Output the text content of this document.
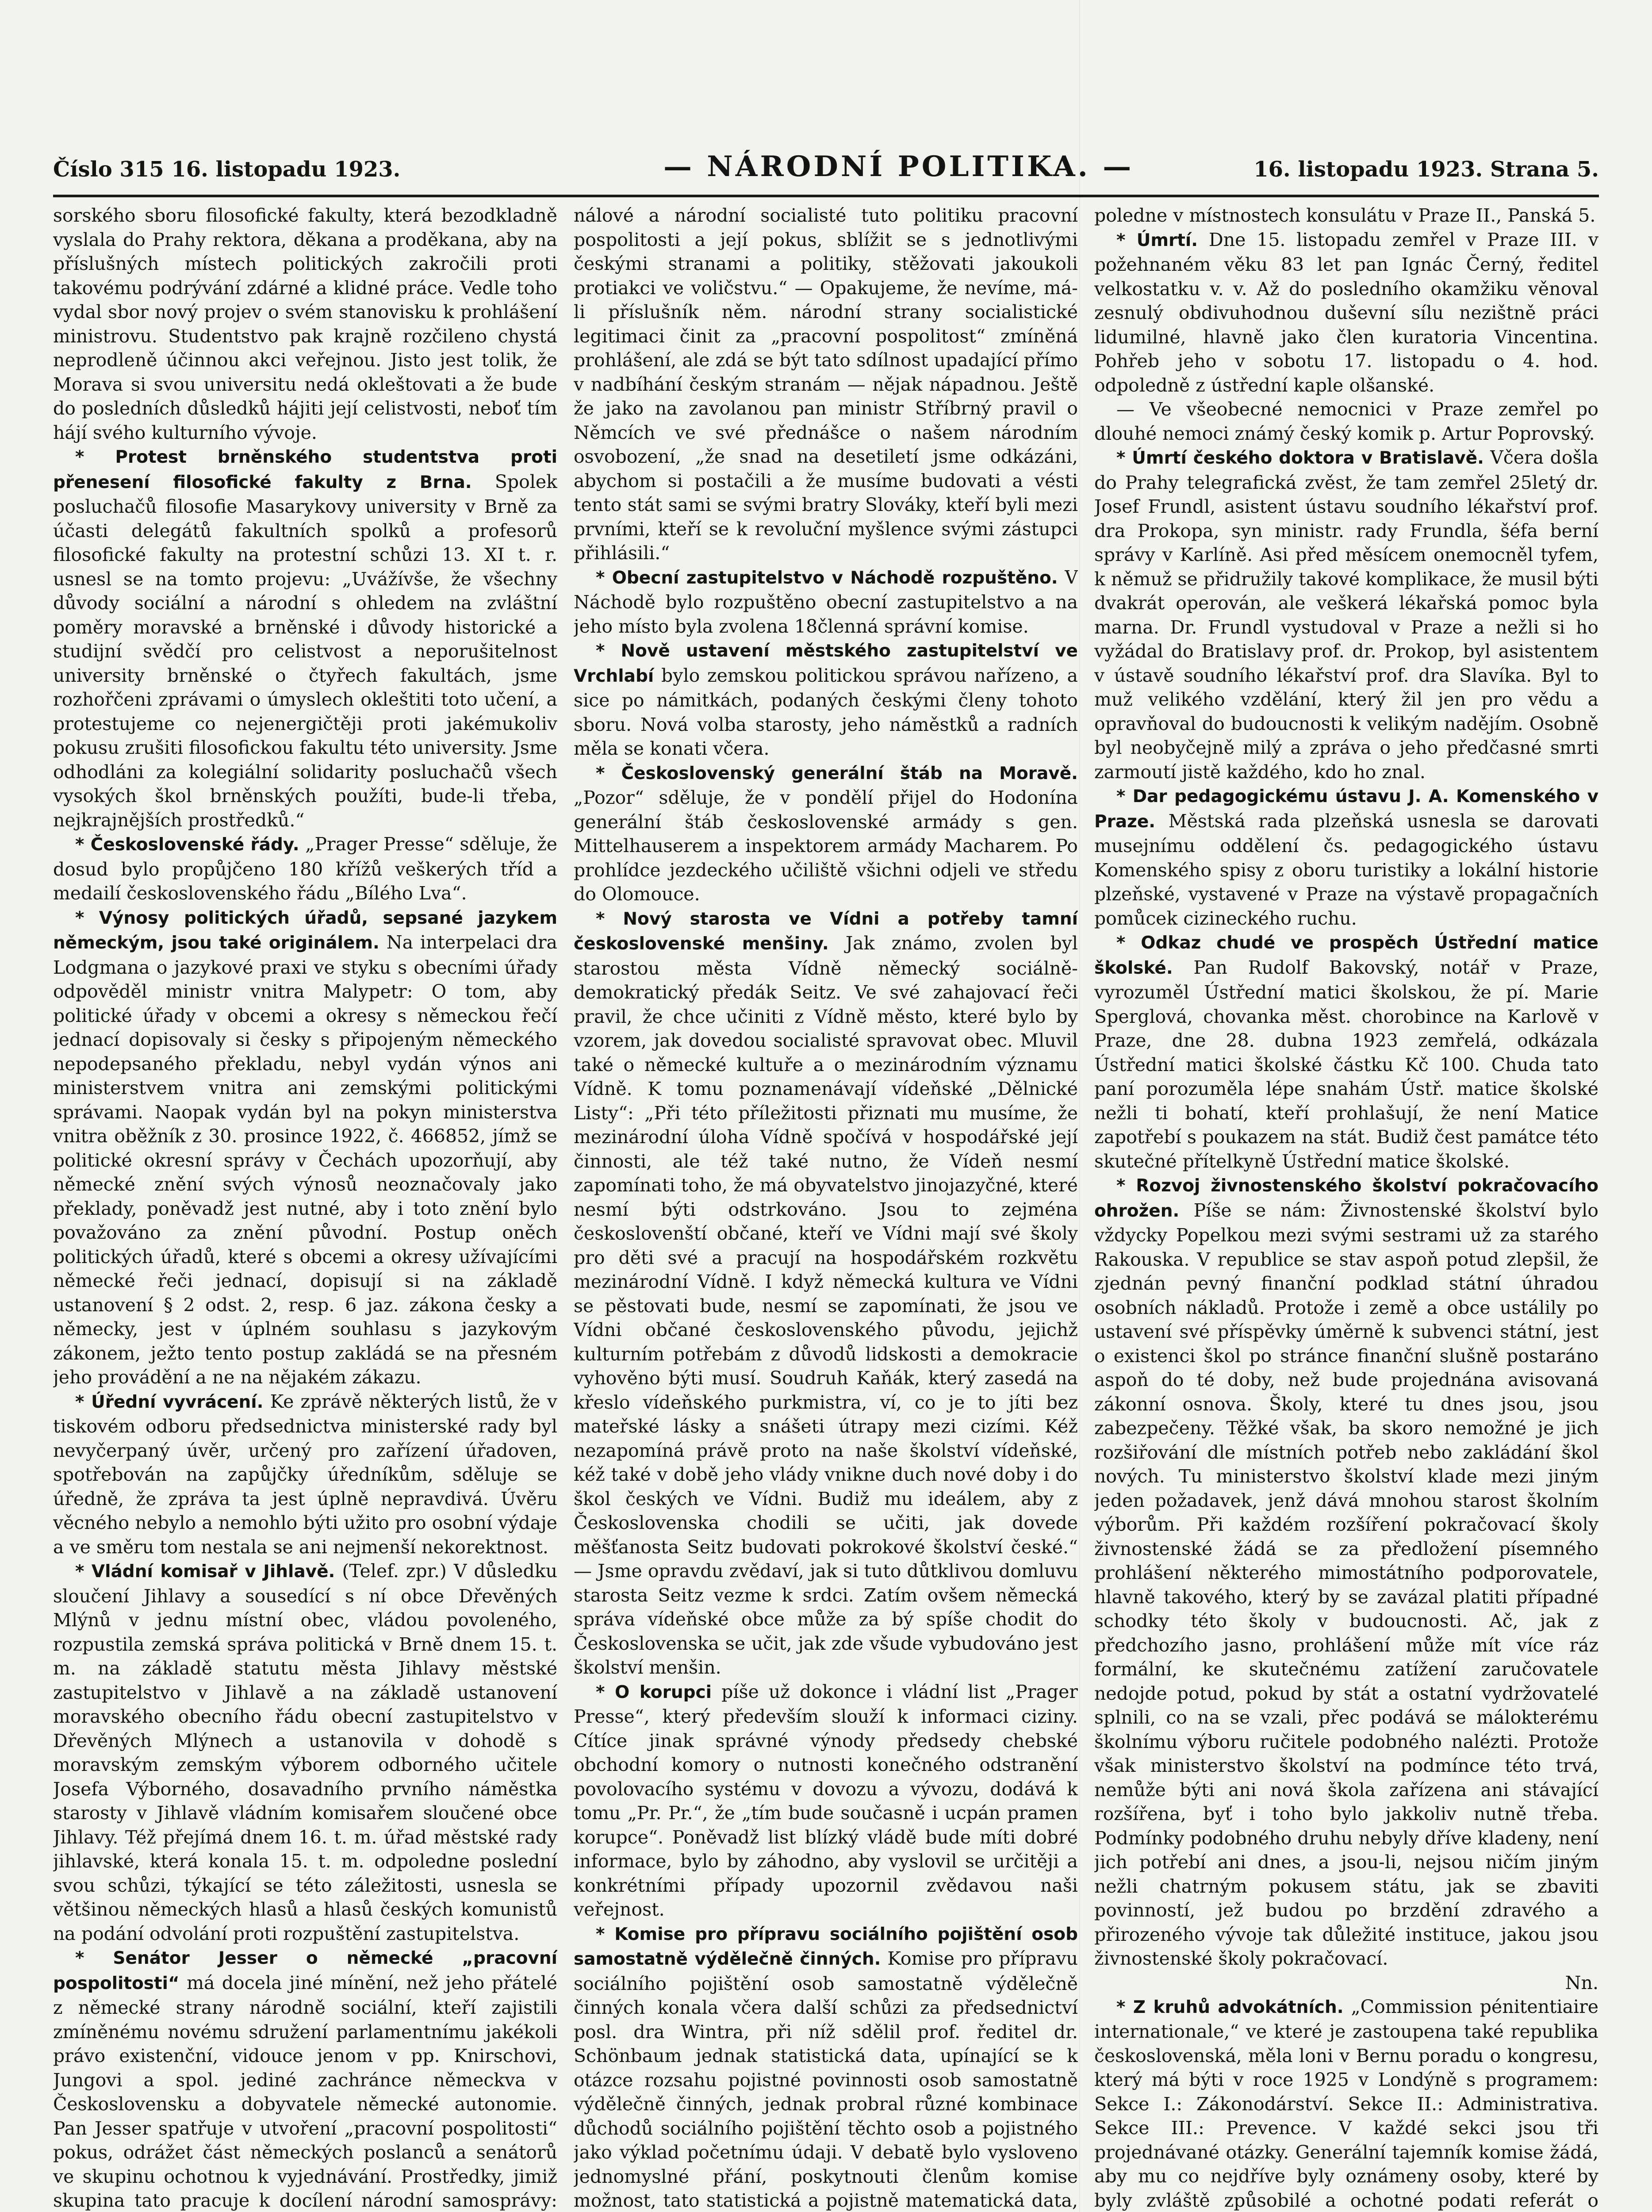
Číslo 315 16. listopadu 1923.	— NÁRODNÍ POLITIKA. —	16. listopadu 1923. Strana 5.

sorského sboru filosofické fakulty, která bezodkladně vyslala do Prahy rektora, děkana a proděkana, aby na příslušných místech politických zakročili proti takovému podrývání zdárné a klidné práce. Vedle toho vydal sbor nový projev o svém stanovisku k prohlášení ministrovu. Studentstvo pak krajně rozčileno chystá neprodleně účinnou akci veřejnou. Jisto jest tolik, že Morava si svou universitu nedá okleštovati a že bude do posledních důsledků hájiti její celistvosti, neboť tím hájí svého kulturního vývoje.

* Protest brněnského studentstva proti přenesení filosofické fakulty z Brna. Spolek posluchačů filosofie Masarykovy university v Brně za účasti delegátů fakultních spolků a profesorů filosofické fakulty na protestní schůzi 13. XI t. r. usnesl se na tomto projevu: „Uvážívše, že všechny důvody sociální a národní s ohledem na zvláštní poměry moravské a brněnské i důvody historické a studijní svědčí pro celistvost a neporušitelnost university brněnské o čtyřech fakultách, jsme rozhořčeni zprávami o úmyslech okleštiti toto učení, a protestujeme co nejenergičtěji proti jakémukoliv pokusu zrušiti filosofickou fakultu této university. Jsme odhodláni za kolegiální solidarity posluchačů všech vysokých škol brněnských použíti, bude-li třeba, nejkrajnějších prostředků.“

* Československé řády. „Prager Presse“ sděluje, že dosud bylo propůjčeno 180 křížů veškerých tříd a medailí československého řádu „Bílého Lva“.

* Výnosy politických úřadů, sepsané jazykem německým, jsou také originálem. Na interpelaci dra Lodgmana o jazykové praxi ve styku s obecními úřady odpověděl ministr vnitra Malypetr: O tom, aby politické úřady v obcemi a okresy s německou řečí jednací dopisovaly si česky s připojeným německého nepodepsaného překladu, nebyl vydán výnos ani ministerstvem vnitra ani zemskými politickými správami. Naopak vydán byl na pokyn ministerstva vnitra oběžník z 30. prosince 1922, č. 466852, jímž se politické okresní správy v Čechách upozorňují, aby německé znění svých výnosů neoznačovaly jako překlady, poněvadž jest nutné, aby i toto znění bylo považováno za znění původní. Postup oněch politických úřadů, které s obcemi a okresy užívajícími německé řeči jednací, dopisují si na základě ustanovení § 2 odst. 2, resp. 6 jaz. zákona česky a německy, jest v úplném souhlasu s jazykovým zákonem, ježto tento postup zakládá se na přesném jeho provádění a ne na nějakém zákazu.

* Úřední vyvrácení. Ke zprávě některých listů, že v tiskovém odboru předsednictva ministerské rady byl nevyčerpaný úvěr, určený pro zařízení úřadoven, spotřebován na zapůjčky úředníkům, sděluje se úředně, že zpráva ta jest úplně nepravdivá. Úvěru věcného nebylo a nemohlo býti užito pro osobní výdaje a ve směru tom nestala se ani nejmenší nekorektnost.

* Vládní komisař v Jihlavě. (Telef. zpr.) V důsledku sloučení Jihlavy a sousedící s ní obce Dřevěných Mlýnů v jednu místní obec, vládou povoleného, rozpustila zemská správa politická v Brně dnem 15. t. m. na základě statutu města Jihlavy městské zastupitelstvo v Jihlavě a na základě ustanovení moravského obecního řádu obecní zastupitelstvo v Dřevěných Mlýnech a ustanovila v dohodě s moravským zemským výborem odborného učitele Josefa Výborného, dosavadního prvního náměstka starosty v Jihlavě vládním komisařem sloučené obce Jihlavy. Též přejímá dnem 16. t. m. úřad městské rady jihlavské, která konala 15. t. m. odpoledne poslední svou schůzi, týkající se této záležitosti, usnesla se většinou německých hlasů a hlasů českých komunistů na podání odvolání proti rozpuštění zastupitelstva.

* Senátor Jesser o německé „pracovní pospolitosti“ má docela jiné mínění, než jeho přátelé z německé strany národně sociální, kteří zajistili zmíněnému novému sdružení parlamentnímu jakékoli právo existenční, vidouce jenom v pp. Knirschovi, Jungovi a spol. jediné zachránce německva v Československu a dobyvatele německé autonomie. Pan Jesser spatřuje v utvoření „pracovní pospolitosti“ pokus, odrážet část německých poslanců a senátorů ve skupinu ochotnou k vyjednávání. Prostředky, jimiž skupina tato pracuje k docílení národní samosprávy:

nálové a národní socialisté tuto politiku pracovní pospolitosti a její pokus, sblížit se s jednotlivými českými stranami a politiky, stěžovati jakoukoli protiakci ve voličstvu.“ — Opakujeme, že nevíme, má-li příslušník něm. národní strany socialistické legitimaci činit za „pracovní pospolitost“ zmíněná prohlášení, ale zdá se být tato sdílnost upadající přímo v nadbíhání českým stranám — nějak nápadnou. Ještě že jako na zavolanou pan ministr Stříbrný pravil o Němcích ve své přednášce o našem národním osvobození, „že snad na desetiletí jsme odkázáni, abychom si postačili a že musíme budovati a vésti tento stát sami se svými bratry Slováky, kteří byli mezi prvními, kteří se k revoluční myšlence svými zástupci přihlásili.“

* Obecní zastupitelstvo v Náchodě rozpuštěno. V Náchodě bylo rozpuštěno obecní zastupitelstvo a na jeho místo byla zvolena 18členná správní komise.

* Nově ustavení městského zastupitelství ve Vrchlabí bylo zemskou politickou správou nařízeno, a sice po námitkách, podaných českými členy tohoto sboru. Nová volba starosty, jeho náměstků a radních měla se konati včera.

* Československý generální štáb na Moravě. „Pozor“ sděluje, že v pondělí přijel do Hodonína generální štáb československé armády s gen. Mittelhauserem a inspektorem armády Macharem. Po prohlídce jezdeckého učiliště všichni odjeli ve středu do Olomouce.

* Nový starosta ve Vídni a potřeby tamní československé menšiny. Jak známo, zvolen byl starostou města Vídně německý sociálně-demokratický předák Seitz. Ve své zahajovací řeči pravil, že chce učiniti z Vídně město, které bylo by vzorem, jak dovedou socialisté spravovat obec. Mluvil také o německé kultuře a o mezinárodním významu Vídně. K tomu poznamenávají vídeňské „Dělnické Listy“: „Při této příležitosti přiznati mu musíme, že mezinárodní úloha Vídně spočívá v hospodářské její činnosti, ale též také nutno, že Vídeň nesmí zapomínati toho, že má obyvatelstvo jinojazyčné, které nesmí býti odstrkováno. Jsou to zejména českoslovenští občané, kteří ve Vídni mají své školy pro děti své a pracují na hospodářském rozkvětu mezinárodní Vídně. I když německá kultura ve Vídni se pěstovati bude, nesmí se zapomínati, že jsou ve Vídni občané československého původu, jejichž kulturním potřebám z důvodů lidskosti a demokracie vyhověno býti musí. Soudruh Kaňák, který zasedá na křeslo vídeňského purkmistra, ví, co je to jíti bez mateřské lásky a snášeti útrapy mezi cizími. Kéž nezapomíná právě proto na naše školství vídeňské, kéž také v době jeho vlády vnikne duch nové doby i do škol českých ve Vídni. Budiž mu ideálem, aby z Československa chodili se učiti, jak dovede měšťanosta Seitz budovati pokrokové školství české.“ — Jsme opravdu zvědaví, jak si tuto důtklivou domluvu starosta Seitz vezme k srdci. Zatím ovšem německá správa vídeňské obce může za bý spíše chodit do Československa se učit, jak zde všude vybudováno jest školství menšin.

* O korupci píše už dokonce i vládní list „Prager Presse“, který především slouží k informaci ciziny. Cítíce jinak správné výnody předsedy chebské obchodní komory o nutnosti konečného odstranění povolovacího systému v dovozu a vývozu, dodává k tomu „Pr. Pr.“, že „tím bude současně i ucpán pramen korupce“. Poněvadž list blízký vládě bude míti dobré informace, bylo by záhodno, aby vyslovil se určitěji a konkrétními případy upozornil zvědavou naši veřejnost.

* Komise pro přípravu sociálního pojištění osob samostatně výdělečně činných. Komise pro přípravu sociálního pojištění osob samostatně výdělečně činných konala včera další schůzi za předsednictví posl. dra Wintra, při níž sdělil prof. ředitel dr. Schönbaum jednak statistická data, upínající se k otázce rozsahu pojistné povinnosti osob samostatně výdělečně činných, jednak probral různé kombinace důchodů sociálního pojištění těchto osob a pojistného jako výklad početnímu údaji. V debatě bylo vysloveno jednomyslné přání, poskytnouti členům komise možnost, tato statistická a pojistně matematická data,

poledne v místnostech konsulátu v Praze II., Panská 5.

* Úmrtí. Dne 15. listopadu zemřel v Praze III. v požehnaném věku 83 let pan Ignác Černý, ředitel velkostatku v. v. Až do posledního okamžiku věnoval zesnulý obdivuhodnou duševní sílu nezištně práci lidumilné, hlavně jako člen kuratoria Vincentina. Pohřeb jeho v sobotu 17. listopadu o 4. hod. odpoledně z ústřední kaple olšanské.

— Ve všeobecné nemocnici v Praze zemřel po dlouhé nemoci známý český komik p. Artur Poprovský.

* Úmrtí českého doktora v Bratislavě. Včera došla do Prahy telegrafická zvěst, že tam zemřel 25letý dr. Josef Frundl, asistent ústavu soudního lékařství prof. dra Prokopa, syn ministr. rady Frundla, šéfa berní správy v Karlíně. Asi před měsícem onemocněl tyfem, k němuž se přidružily takové komplikace, že musil býti dvakrát operován, ale veškerá lékařská pomoc byla marna. Dr. Frundl vystudoval v Praze a nežli si ho vyžádal do Bratislavy prof. dr. Prokop, byl asistentem v ústavě soudního lékařství prof. dra Slavíka. Byl to muž velikého vzdělání, který žil jen pro vědu a opravňoval do budoucnosti k velikým nadějím. Osobně byl neobyčejně milý a zpráva o jeho předčasné smrti zarmoutí jistě každého, kdo ho znal.

* Dar pedagogickému ústavu J. A. Komenského v Praze. Městská rada plzeňská usnesla se darovati musejnímu oddělení čs. pedagogického ústavu Komenského spisy z oboru turistiky a lokální historie plzeňské, vystavené v Praze na výstavě propagačních pomůcek cizineckého ruchu.

* Odkaz chudé ve prospěch Ústřední matice školské. Pan Rudolf Bakovský, notář v Praze, vyrozuměl Ústřední matici školskou, že pí. Marie Sperglová, chovanka měst. chorobince na Karlově v Praze, dne 28. dubna 1923 zemřelá, odkázala Ústřední matici školské částku Kč 100. Chuda tato paní porozuměla lépe snahám Ústř. matice školské nežli ti bohatí, kteří prohlašují, že není Matice zapotřebí s poukazem na stát. Budiž čest památce této skutečné přítelkyně Ústřední matice školské.

* Rozvoj živnostenského školství pokračovacího ohrožen. Píše se nám: Živnostenské školství bylo vždycky Popelkou mezi svými sestrami už za starého Rakouska. V republice se stav aspoň potud zlepšil, že zjednán pevný finanční podklad státní úhradou osobních nákladů. Protože i země a obce ustálily po ustavení své příspěvky úměrně k subvenci státní, jest o existenci škol po stránce finanční slušně postaráno aspoň do té doby, než bude projednána avisovaná zákonní osnova. Školy, které tu dnes jsou, jsou zabezpečeny. Těžké však, ba skoro nemožné je jich rozšiřování dle místních potřeb nebo zakládání škol nových. Tu ministerstvo školství klade mezi jiným jeden požadavek, jenž dává mnohou starost školním výborům. Při každém rozšíření pokračovací školy živnostenské žádá se za předložení písemného prohlášení některého mimostátního podporovatele, hlavně takového, který by se zavázal platiti případné schodky této školy v budoucnosti. Ač, jak z předchozího jasno, prohlášení může mít více ráz formální, ke skutečnému zatížení zaručovatele nedojde potud, pokud by stát a ostatní vydržovatelé splnili, co na se vzali, přec podává se málokterému školnímu výboru ručitele podobného nalézti. Protože však ministerstvo školství na podmínce této trvá, nemůže býti ani nová škola zařízena ani stávající rozšířena, byť i toho bylo jakkoliv nutně třeba. Podmínky podobného druhu nebyly dříve kladeny, není jich potřebí ani dnes, a jsou-li, nejsou ničím jiným nežli chatrným pokusem státu, jak se zbaviti povinností, jež budou po brzdění zdravého a přirozeného vývoje tak důležité instituce, jakou jsou živnostenské školy pokračovací.

Nn.

* Z kruhů advokátních. „Commission pénitentiaire internationale,“ ve které je zastoupena také republika československá, měla loni v Bernu poradu o kongresu, který má býti v roce 1925 v Londýně s programem: Sekce I.: Zákonodárství. Sekce II.: Administrativa. Sekce III.: Prevence. V každé sekci jsou tři projednávané otázky. Generální tajemník komise žádá, aby mu co nejdříve byly oznámeny osoby, které by byly zvláště způsobilé a ochotné podati referát o
